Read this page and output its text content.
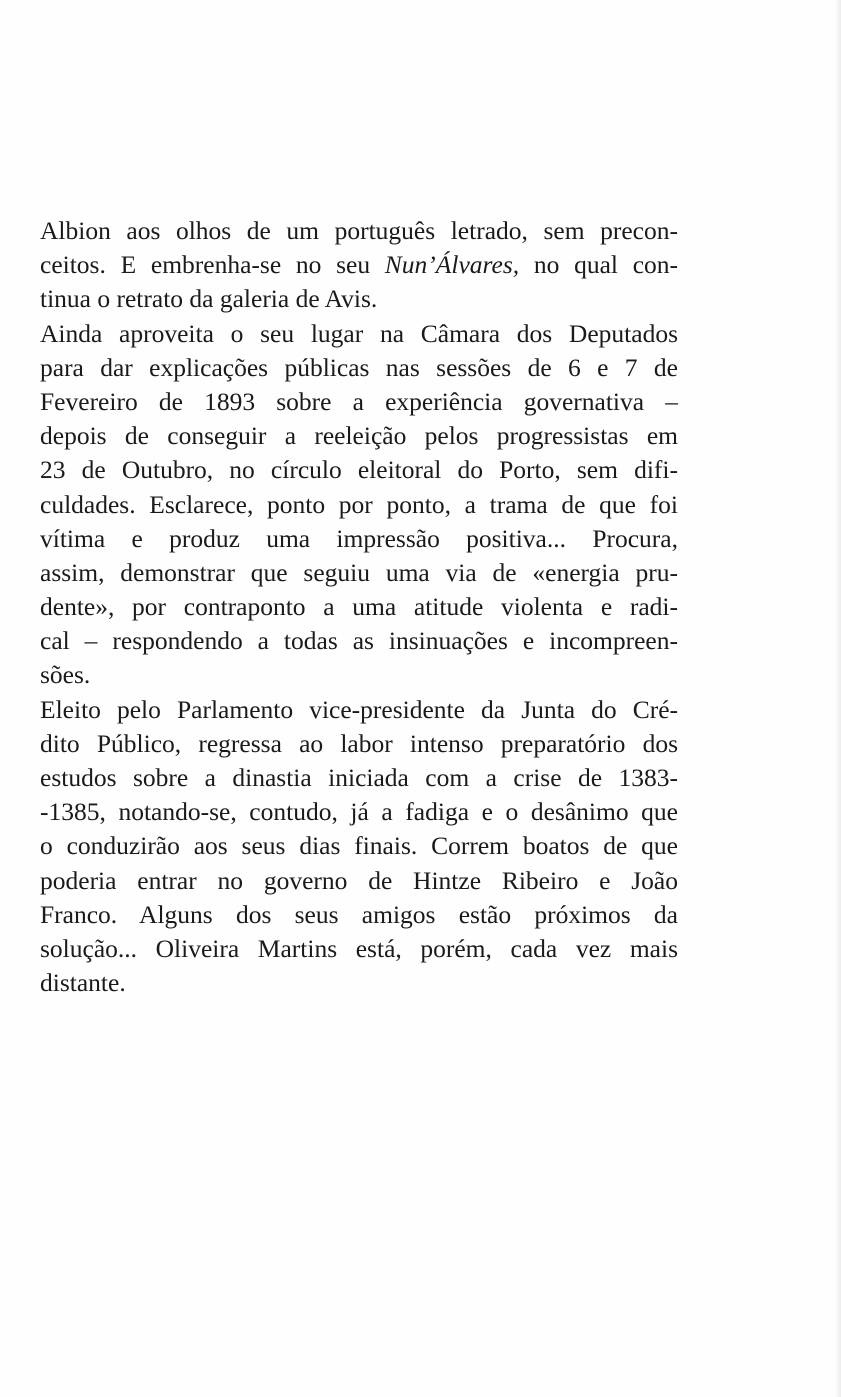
Albion aos olhos de um português letrado, sem precon-
ceitos. E embrenha-se no seu Nun’Álvares, no qual con-
tinua o retrato da galeria de Avis.
Ainda aproveita o seu lugar na Câmara dos Deputados
para dar explicações públicas nas sessões de 6 e 7 de
Fevereiro de 1893 sobre a experiência governativa –
depois de conseguir a reeleição pelos progressistas em
23 de Outubro, no círculo eleitoral do Porto, sem difi-
culdades. Esclarece, ponto por ponto, a trama de que foi
vítima e produz uma impressão positiva... Procura,
assim, demonstrar que seguiu uma via de «energia pru-
dente», por contraponto a uma atitude violenta e radi-
cal – respondendo a todas as insinuações e incompreen-
sões.
Eleito pelo Parlamento vice-presidente da Junta do Cré-
dito Público, regressa ao labor intenso preparatório dos
estudos sobre a dinastia iniciada com a crise de 1383-
-1385, notando-se, contudo, já a fadiga e o desânimo que
o conduzirão aos seus dias finais. Correm boatos de que
poderia entrar no governo de Hintze Ribeiro e João
Franco. Alguns dos seus amigos estão próximos da
solução... Oliveira Martins está, porém, cada vez mais
distante.
